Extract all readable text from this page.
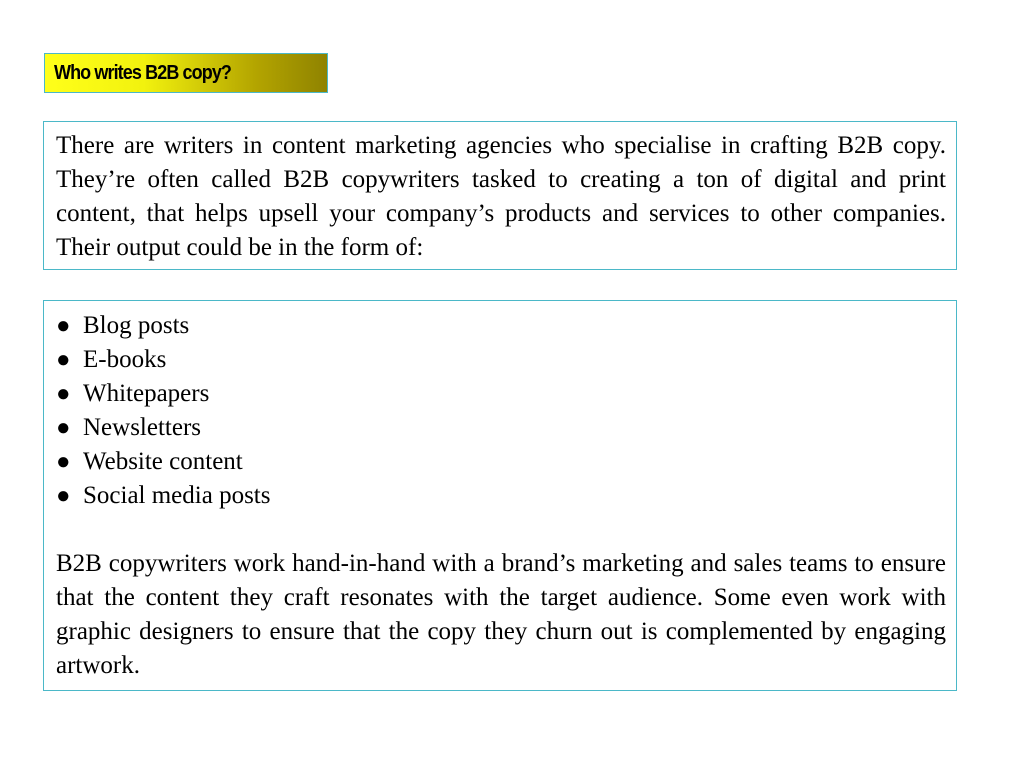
Who writes B2B copy?

There are writers in content marketing agencies who specialise in crafting B2B copy. They’re often called B2B copywriters tasked to creating a ton of digital and print content, that helps upsell your company’s products and services to other companies. Their output could be in the form of:

● Blog posts
● E-books
● Whitepapers
● Newsletters
● Website content
● Social media posts

B2B copywriters work hand-in-hand with a brand’s marketing and sales teams to ensure that the content they craft resonates with the target audience. Some even work with graphic designers to ensure that the copy they churn out is complemented by engaging artwork.
